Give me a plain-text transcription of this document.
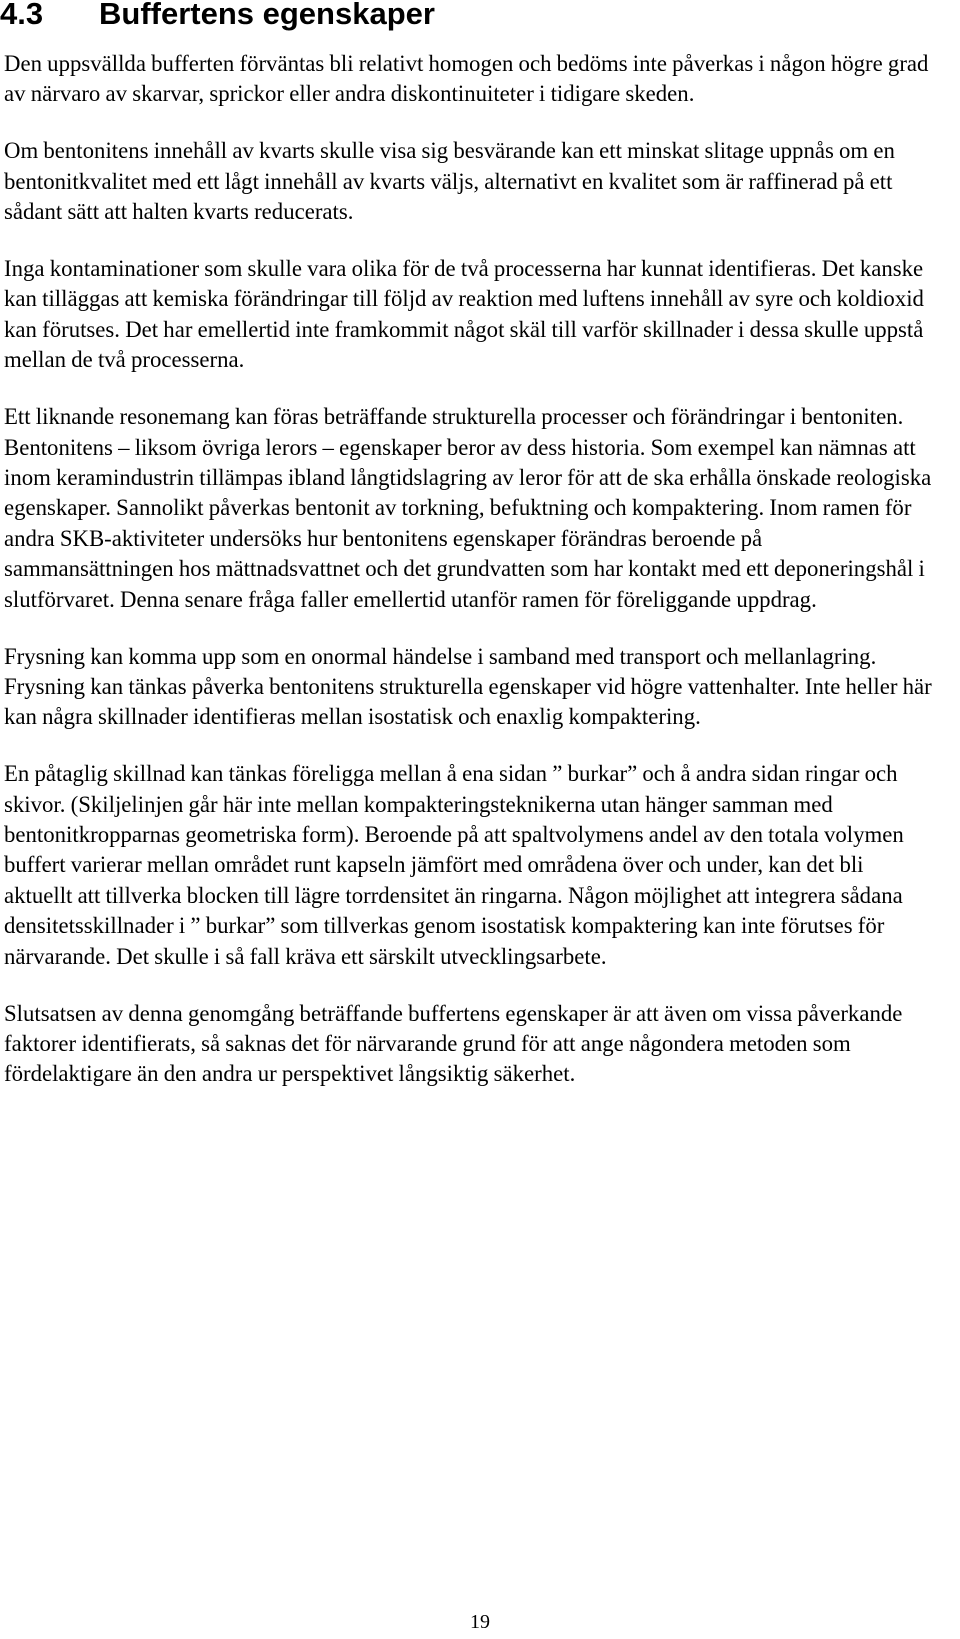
4.3 Buffertens egenskaper

Den uppsvällda bufferten förväntas bli relativt homogen och bedöms inte påverkas i någon högre grad av närvaro av skarvar, sprickor eller andra diskontinuiteter i tidigare skeden.

Om bentonitens innehåll av kvarts skulle visa sig besvärande kan ett minskat slitage uppnås om en bentonitkvalitet med ett lågt innehåll av kvarts väljs, alternativt en kvalitet som är raffinerad på ett sådant sätt att halten kvarts reducerats.

Inga kontaminationer som skulle vara olika för de två processerna har kunnat identifieras. Det kanske kan tilläggas att kemiska förändringar till följd av reaktion med luftens innehåll av syre och koldioxid kan förutses. Det har emellertid inte framkommit något skäl till varför skillnader i dessa skulle uppstå mellan de två processerna.

Ett liknande resonemang kan föras beträffande strukturella processer och förändringar i bentoniten. Bentonitens – liksom övriga lerors – egenskaper beror av dess historia. Som exempel kan nämnas att inom keramindustrin tillämpas ibland långtidslagring av leror för att de ska erhålla önskade reologiska egenskaper. Sannolikt påverkas bentonit av torkning, befuktning och kompaktering. Inom ramen för andra SKB-aktiviteter undersöks hur bentonitens egenskaper förändras beroende på sammansättningen hos mättnadsvattnet och det grundvatten som har kontakt med ett deponeringshål i slutförvaret. Denna senare fråga faller emellertid utanför ramen för föreliggande uppdrag.

Frysning kan komma upp som en onormal händelse i samband med transport och mellanlagring. Frysning kan tänkas påverka bentonitens strukturella egenskaper vid högre vattenhalter. Inte heller här kan några skillnader identifieras mellan isostatisk och enaxlig kompaktering.

En påtaglig skillnad kan tänkas föreligga mellan å ena sidan ” burkar” och å andra sidan ringar och skivor. (Skiljelinjen går här inte mellan kompakteringsteknikerna utan hänger samman med bentonitkropparnas geometriska form). Beroende på att spaltvolymens andel av den totala volymen buffert varierar mellan området runt kapseln jämfört med områdena över och under, kan det bli aktuellt att tillverka blocken till lägre torrdensitet än ringarna. Någon möjlighet att integrera sådana densitetsskillnader i ” burkar” som tillverkas genom isostatisk kompaktering kan inte förutses för närvarande. Det skulle i så fall kräva ett särskilt utvecklingsarbete.

Slutsatsen av denna genomgång beträffande buffertens egenskaper är att även om vissa påverkande faktorer identifierats, så saknas det för närvarande grund för att ange någondera metoden som fördelaktigare än den andra ur perspektivet långsiktig säkerhet.

19
